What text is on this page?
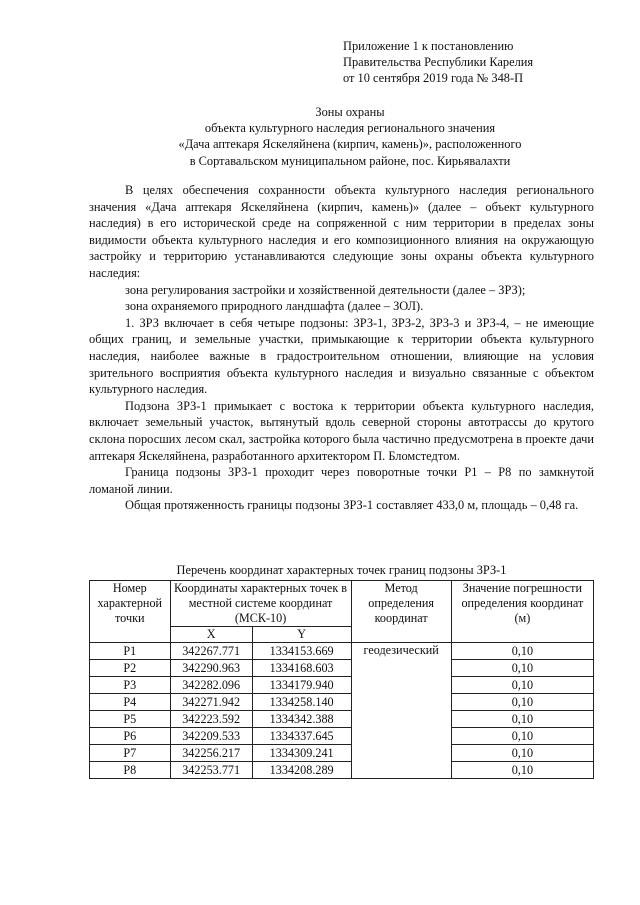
Приложение 1 к постановлению
Правительства Республики Карелия
от 10 сентября 2019 года № 348-П
Зоны охраны
объекта культурного наследия регионального значения
«Дача аптекаря Яскеляйнена (кирпич, камень)», расположенного
в Сортавальском муниципальном районе, пос. Кирьявалахти

В целях обеспечения сохранности объекта культурного наследия регионального значения «Дача аптекаря Яскеляйнена (кирпич, камень)» (далее – объект культурного наследия) в его исторической среде на сопряженной с ним территории в пределах зоны видимости объекта культурного наследия и его композиционного влияния на окружающую застройку и территорию устанавливаются следующие зоны охраны объекта культурного наследия:

зона регулирования застройки и хозяйственной деятельности (далее – ЗРЗ);

зона охраняемого природного ландшафта (далее – ЗОЛ).

1. ЗРЗ включает в себя четыре подзоны: ЗРЗ-1, ЗРЗ-2, ЗРЗ-3 и ЗРЗ-4, – не имеющие общих границ, и земельные участки, примыкающие к территории объекта культурного наследия, наиболее важные в градостроительном отношении, влияющие на условия зрительного восприятия объекта культурного наследия и визуально связанные с объектом культурного наследия.

Подзона ЗРЗ-1 примыкает с востока к территории объекта культурного наследия, включает земельный участок, вытянутый вдоль северной стороны автотрассы до крутого склона поросших лесом скал, застройка которого была частично предусмотрена в проекте дачи аптекаря Яскеляйнена, разработанного архитектором П. Бломстедтом.

Граница подзоны ЗРЗ-1 проходит через поворотные точки Р1 – Р8 по замкнутой ломаной линии.

Общая протяженность границы подзоны ЗРЗ-1 составляет 433,0 м, площадь – 0,48 га.

Перечень координат характерных точек границ подзоны ЗРЗ-1
Номер характерной точки	Координаты характерных точек в местной системе координат (МСК-10)		Метод определения координат	Значение погрешности определения координат (м)
	X	Y		
Р1	342267.771	1334153.669	геодезический	0,10
Р2	342290.963	1334168.603		0,10
Р3	342282.096	1334179.940		0,10
Р4	342271.942	1334258.140		0,10
Р5	342223.592	1334342.388		0,10
Р6	342209.533	1334337.645		0,10
Р7	342256.217	1334309.241		0,10
Р8	342253.771	1334208.289		0,10
